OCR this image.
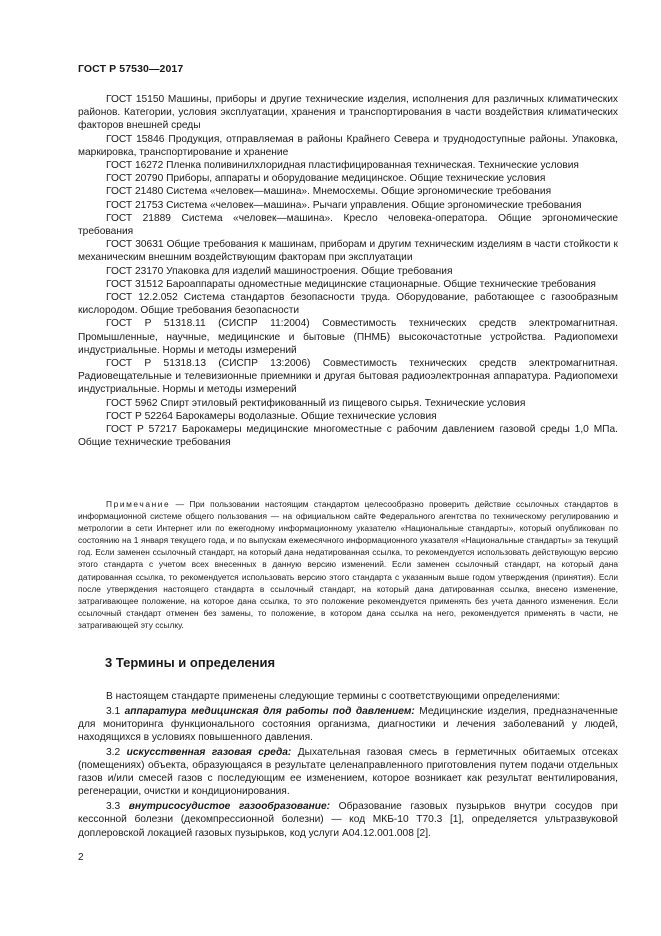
ГОСТ Р 57530—2017

ГОСТ 15150 Машины, приборы и другие технические изделия, исполнения для различных климатических районов. Категории, условия эксплуатации, хранения и транспортирования в части воздействия климатических факторов внешней среды

ГОСТ 15846 Продукция, отправляемая в районы Крайнего Севера и труднодоступные районы. Упаковка, маркировка, транспортирование и хранение

ГОСТ 16272 Пленка поливинилхлоридная пластифицированная техническая. Технические условия

ГОСТ 20790 Приборы, аппараты и оборудование медицинское. Общие технические условия

ГОСТ 21480 Система «человек—машина». Мнемосхемы. Общие эргономические требования

ГОСТ 21753 Система «человек—машина». Рычаги управления. Общие эргономические требования

ГОСТ 21889 Система «человек—машина». Кресло человека-оператора. Общие эргономические требования

ГОСТ 30631 Общие требования к машинам, приборам и другим техническим изделиям в части стойкости к механическим внешним воздействующим факторам при эксплуатации

ГОСТ 23170 Упаковка для изделий машиностроения. Общие требования

ГОСТ 31512 Бароаппараты одноместные медицинские стационарные. Общие технические требования

ГОСТ 12.2.052 Система стандартов безопасности труда. Оборудование, работающее с газообразным кислородом. Общие требования безопасности

ГОСТ Р 51318.11 (СИСПР 11:2004) Совместимость технических средств электромагнитная. Промышленные, научные, медицинские и бытовые (ПНМБ) высокочастотные устройства. Радиопомехи индустриальные. Нормы и методы измерений

ГОСТ Р 51318.13 (СИСПР 13:2006) Совместимость технических средств электромагнитная. Радиовещательные и телевизионные приемники и другая бытовая радиоэлектронная аппаратура. Радиопомехи индустриальные. Нормы и методы измерений

ГОСТ 5962 Спирт этиловый ректификованный из пищевого сырья. Технические условия

ГОСТ Р 52264 Барокамеры водолазные. Общие технические условия

ГОСТ Р 57217 Барокамеры медицинские многоместные с рабочим давлением газовой среды 1,0 МПа. Общие технические требования

Примечание — При пользовании настоящим стандартом целесообразно проверить действие ссылочных стандартов в информационной системе общего пользования — на официальном сайте Федерального агентства по техническому регулированию и метрологии в сети Интернет или по ежегодному информационному указателю «Национальные стандарты», который опубликован по состоянию на 1 января текущего года, и по выпускам ежемесячного информационного указателя «Национальные стандарты» за текущий год. Если заменен ссылочный стандарт, на который дана недатированная ссылка, то рекомендуется использовать действующую версию этого стандарта с учетом всех внесенных в данную версию изменений. Если заменен ссылочный стандарт, на который дана датированная ссылка, то рекомендуется использовать версию этого стандарта с указанным выше годом утверждения (принятия). Если после утверждения настоящего стандарта в ссылочный стандарт, на который дана датированная ссылка, внесено изменение, затрагивающее положение, на которое дана ссылка, то это положение рекомендуется применять без учета данного изменения. Если ссылочный стандарт отменен без замены, то положение, в котором дана ссылка на него, рекомендуется применять в части, не затрагивающей эту ссылку.

3 Термины и определения

В настоящем стандарте применены следующие термины с соответствующими определениями:

3.1 аппаратура медицинская для работы под давлением: Медицинские изделия, предназначенные для мониторинга функционального состояния организма, диагностики и лечения заболеваний у людей, находящихся в условиях повышенного давления.

3.2 искусственная газовая среда: Дыхательная газовая смесь в герметичных обитаемых отсеках (помещениях) объекта, образующаяся в результате целенаправленного приготовления путем подачи отдельных газов и/или смесей газов с последующим ее изменением, которое возникает как результат вентилирования, регенерации, очистки и кондиционирования.

3.3 внутрисосудистое газообразование: Образование газовых пузырьков внутри сосудов при кессонной болезни (декомпрессионной болезни) — код МКБ-10 Т70.3 [1], определяется ультразвуковой доплеровской локацией газовых пузырьков, код услуги А04.12.001.008 [2].

2
